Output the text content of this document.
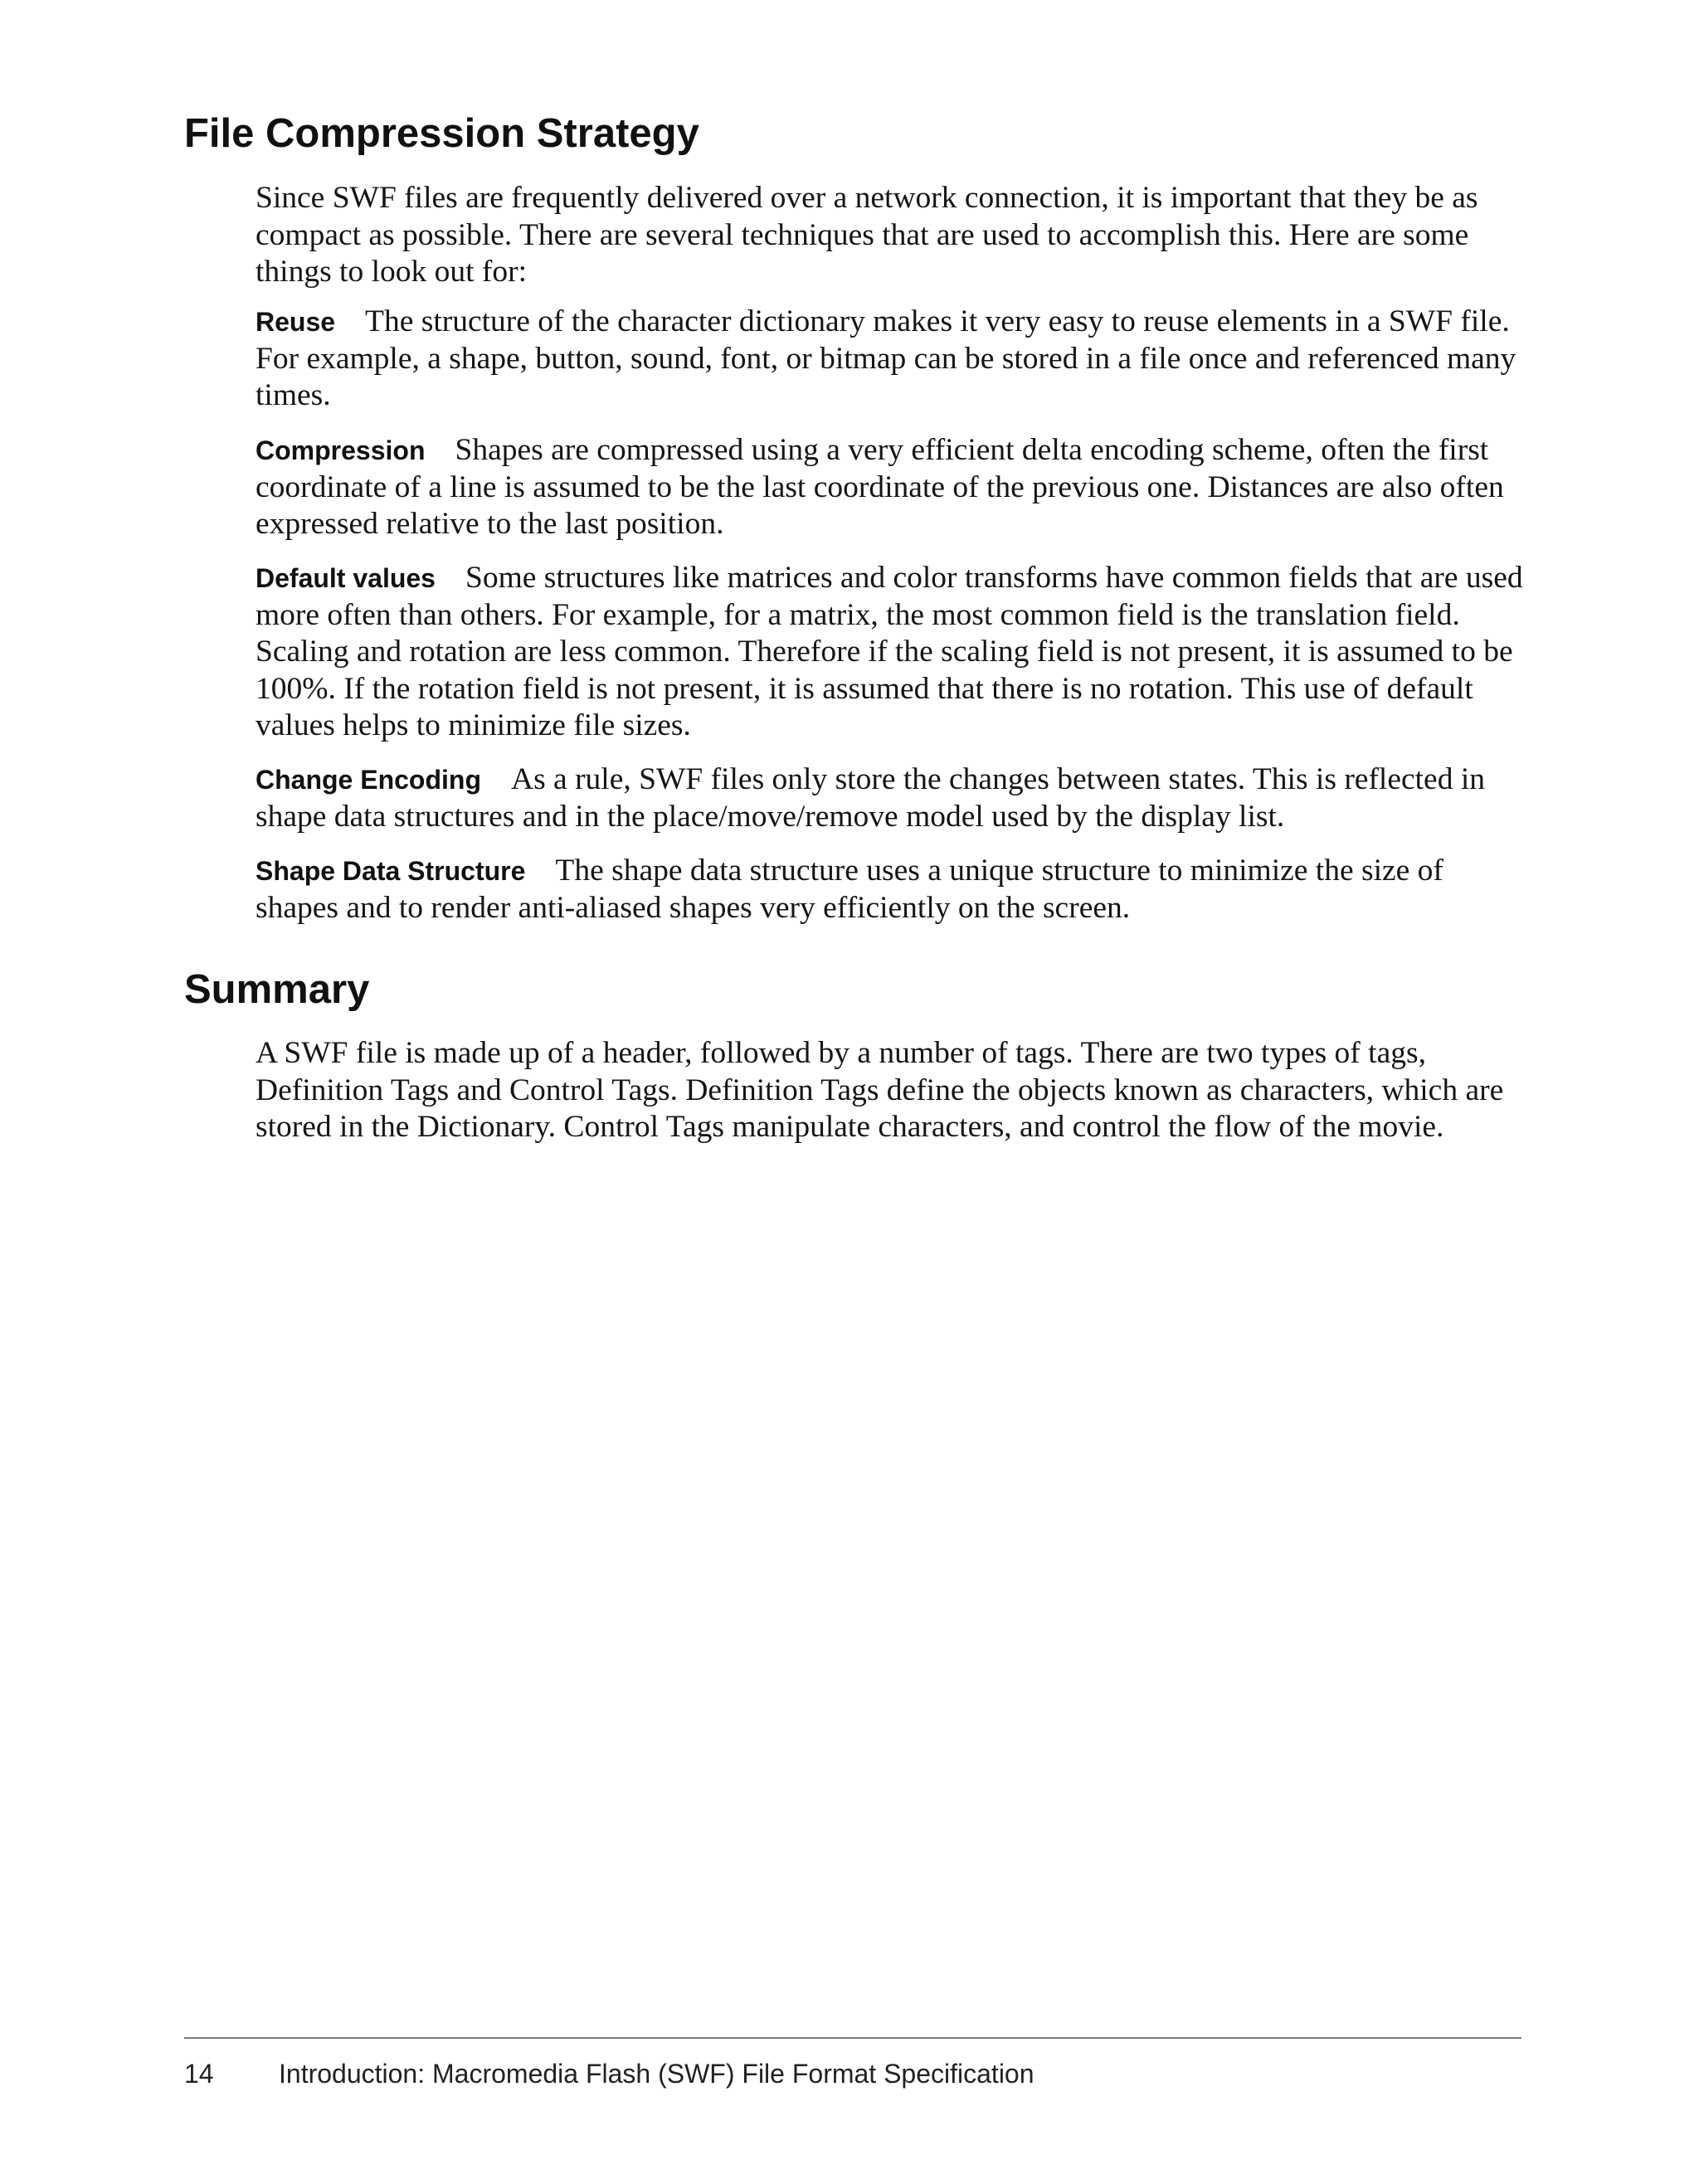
File Compression Strategy

Since SWF files are frequently delivered over a network connection, it is important that they be as compact as possible. There are several techniques that are used to accomplish this. Here are some things to look out for:

Reuse The structure of the character dictionary makes it very easy to reuse elements in a SWF file. For example, a shape, button, sound, font, or bitmap can be stored in a file once and referenced many times.

Compression Shapes are compressed using a very efficient delta encoding scheme, often the first coordinate of a line is assumed to be the last coordinate of the previous one. Distances are also often expressed relative to the last position.

Default values Some structures like matrices and color transforms have common fields that are used more often than others. For example, for a matrix, the most common field is the translation field. Scaling and rotation are less common. Therefore if the scaling field is not present, it is assumed to be 100%. If the rotation field is not present, it is assumed that there is no rotation. This use of default values helps to minimize file sizes.

Change Encoding As a rule, SWF files only store the changes between states. This is reflected in shape data structures and in the place/move/remove model used by the display list.

Shape Data Structure The shape data structure uses a unique structure to minimize the size of shapes and to render anti-aliased shapes very efficiently on the screen.

Summary

A SWF file is made up of a header, followed by a number of tags. There are two types of tags, Definition Tags and Control Tags. Definition Tags define the objects known as characters, which are stored in the Dictionary. Control Tags manipulate characters, and control the flow of the movie.

14 Introduction: Macromedia Flash (SWF) File Format Specification
